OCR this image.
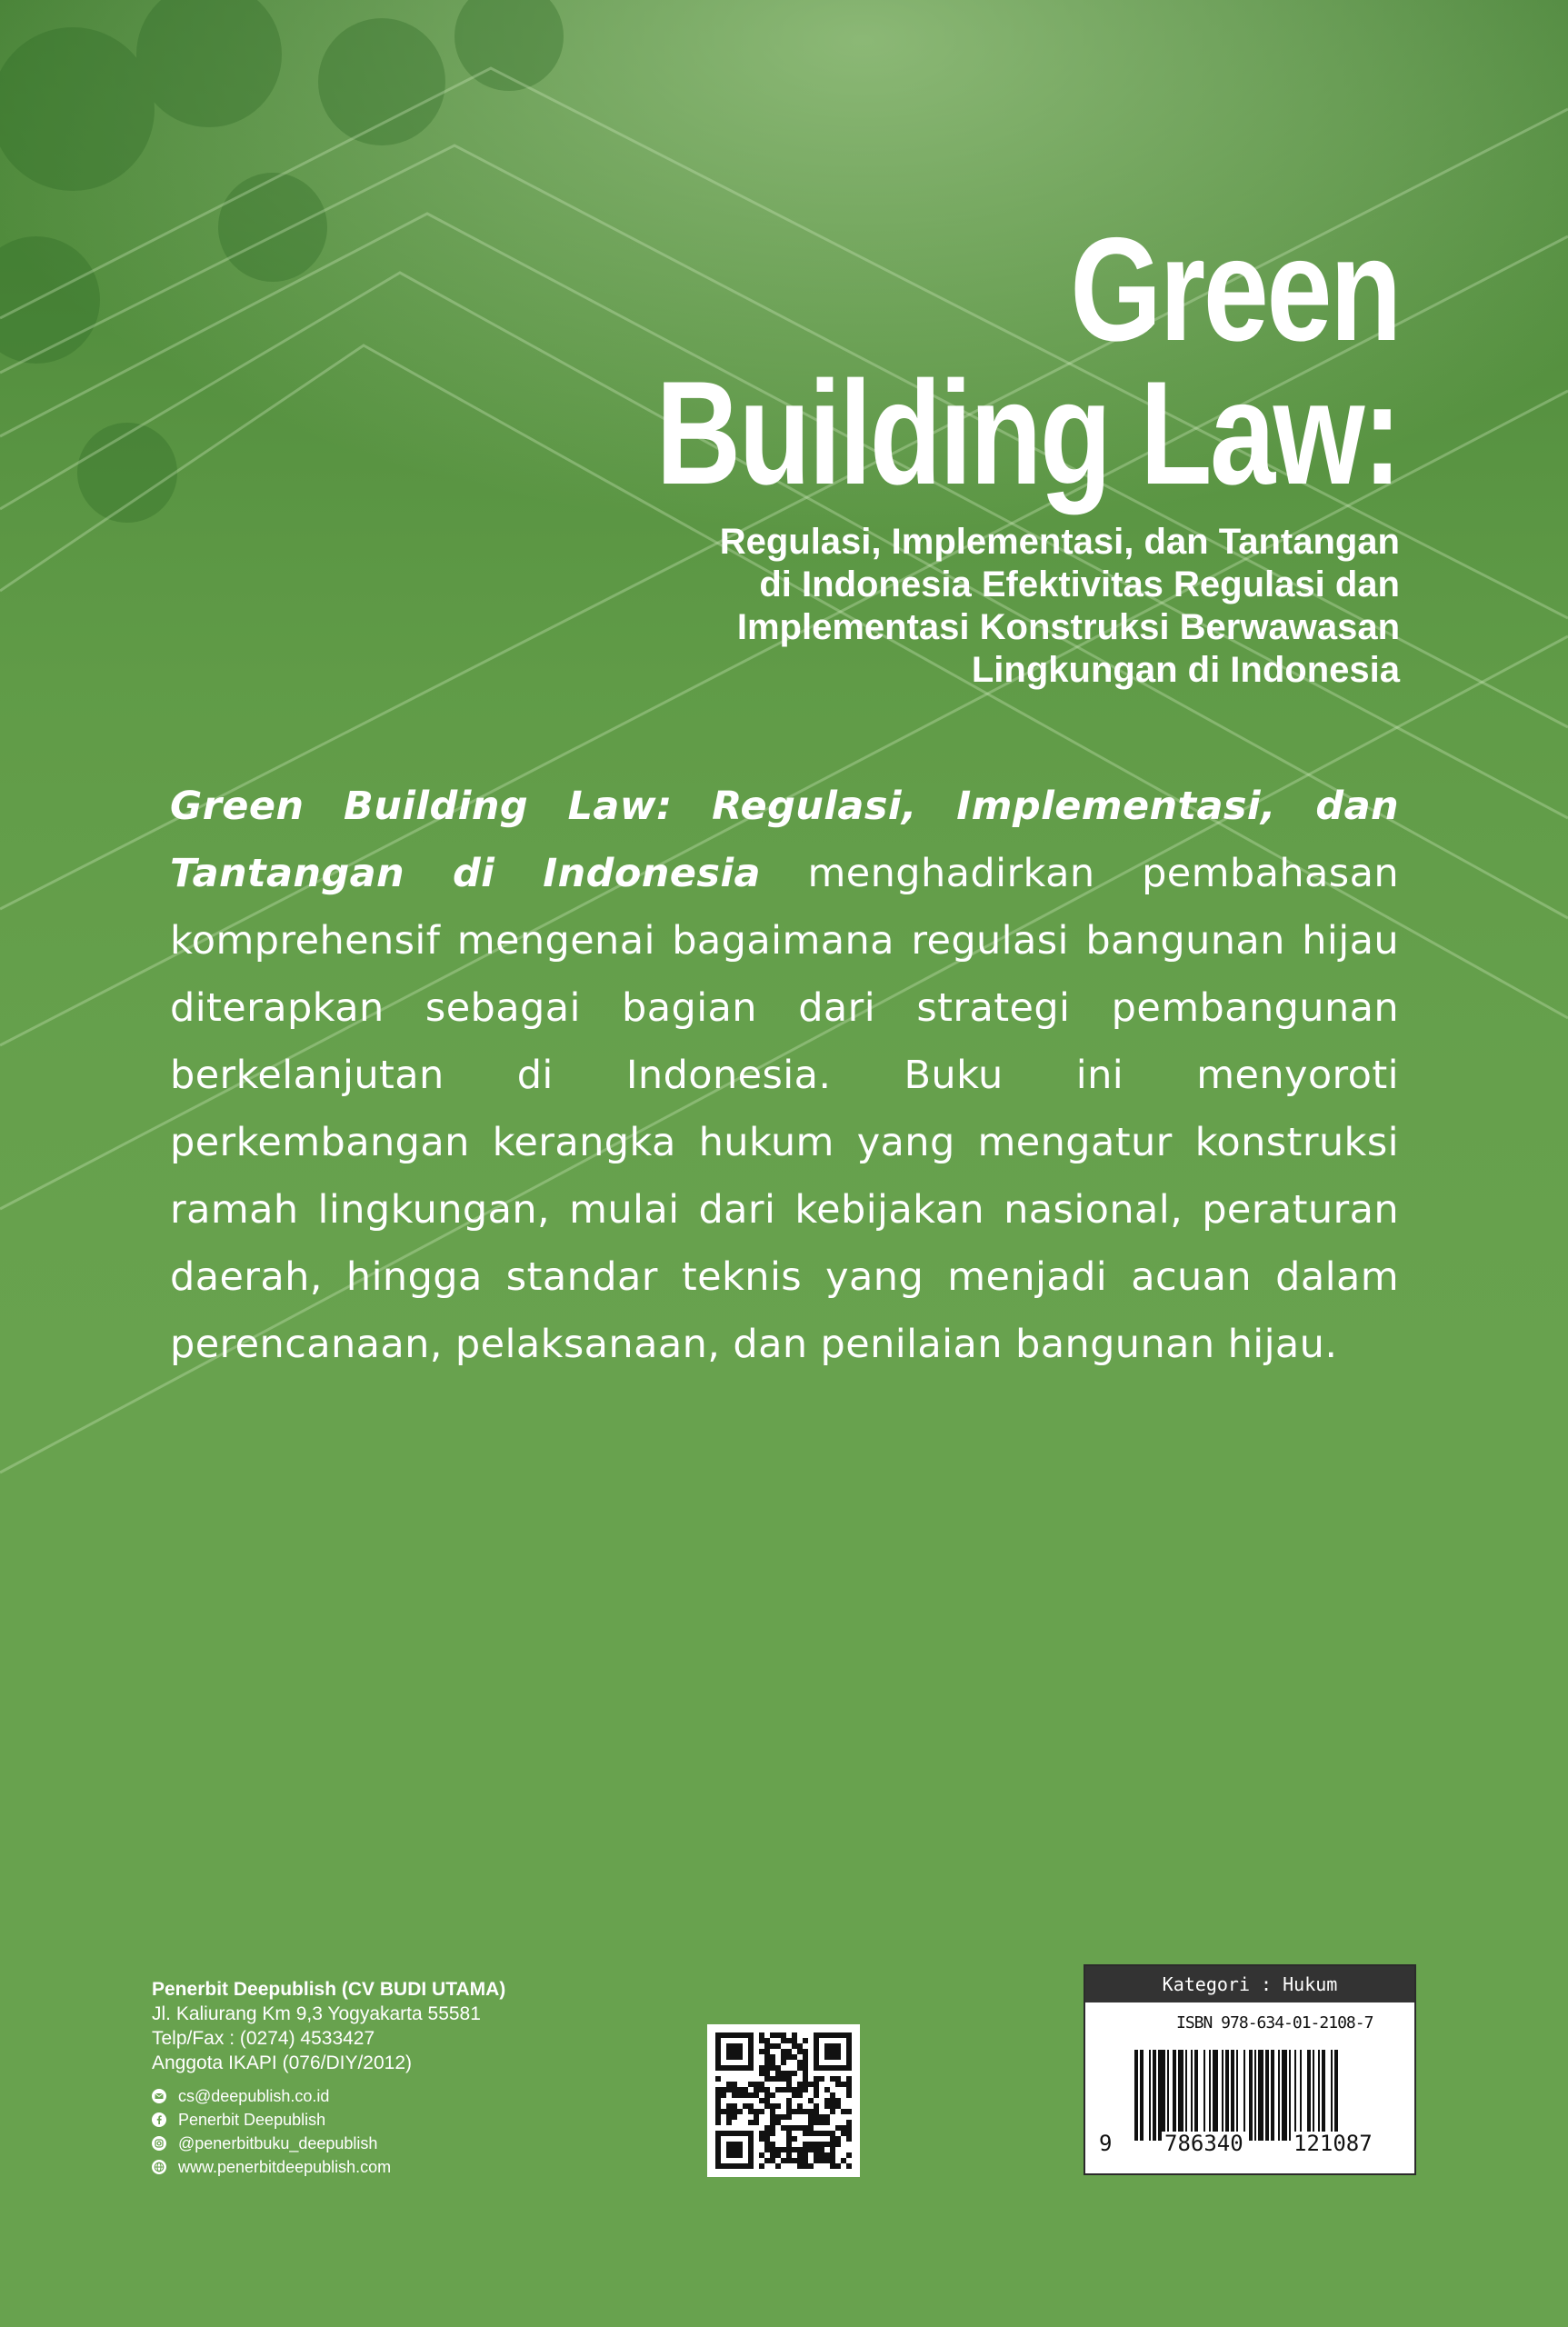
Green
Building Law:
Regulasi, Implementasi, dan Tantangan
di Indonesia Efektivitas Regulasi dan
Implementasi Konstruksi Berwawasan
Lingkungan di Indonesia

Green Building Law: Regulasi, Implementasi, dan Tantangan di Indonesia menghadirkan pembahasan komprehensif mengenai bagaimana regulasi bangunan hijau diterapkan sebagai bagian dari strategi pembangunan berkelanjutan di Indonesia. Buku ini menyoroti perkembangan kerangka hukum yang mengatur konstruksi ramah lingkungan, mulai dari kebijakan nasional, peraturan daerah, hingga standar teknis yang menjadi acuan dalam perencanaan, pelaksanaan, dan penilaian bangunan hijau.

Penerbit Deepublish (CV BUDI UTAMA)
Jl. Kaliurang Km 9,3 Yogyakarta 55581
Telp/Fax : (0274) 4533427
Anggota IKAPI (076/DIY/2012)
cs@deepublish.co.id
Penerbit Deepublish
@penerbitbuku_deepublish
www.penerbitdeepublish.com
Kategori : Hukum
ISBN 978-634-01-2108-7
9 786340 121087
